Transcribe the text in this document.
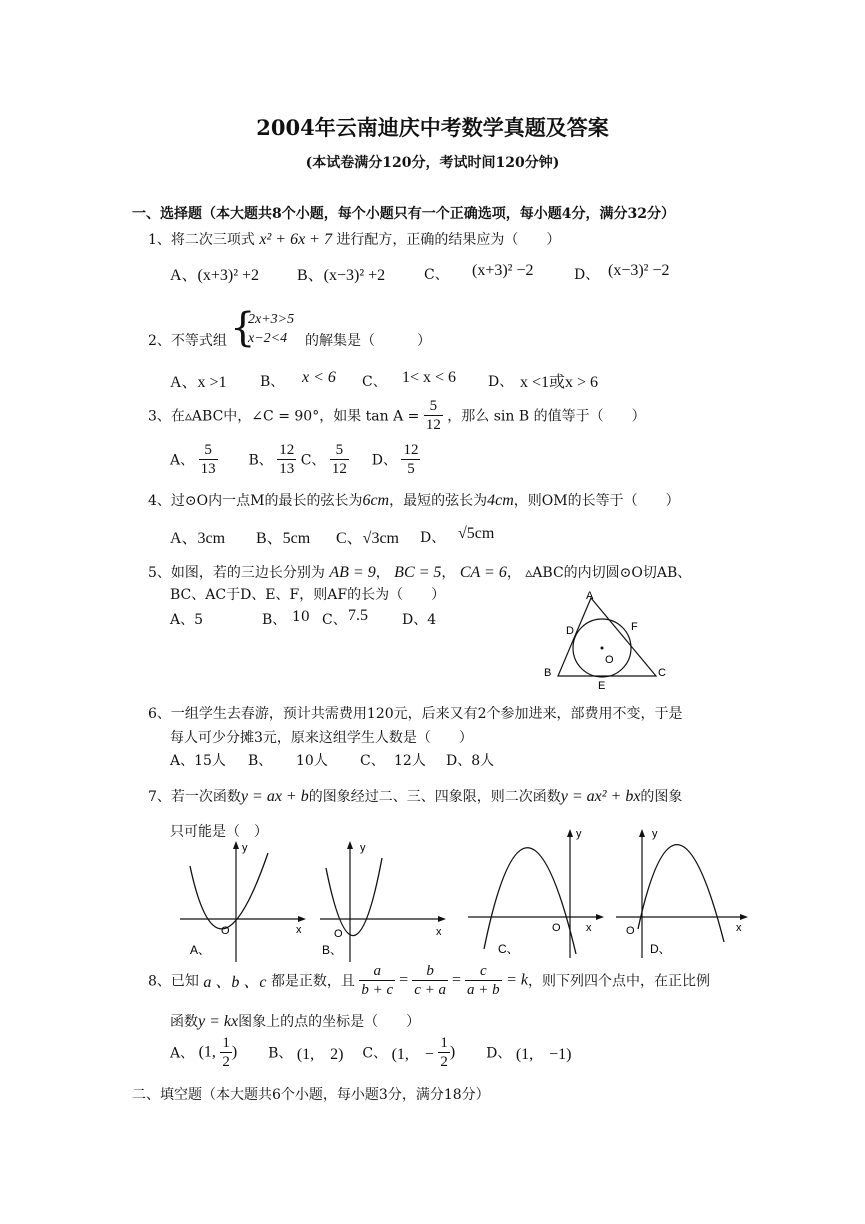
2004年云南迪庆中考数学真题及答案
(本试卷满分120分，考试时间120分钟)
一、选择题（本大题共8个小题，每个小题只有一个正确选项，每小题4分，满分32分）
1、将二次三项式 x² + 6x + 7 进行配方，正确的结果应为（　　）
A、(x+3)² +2 B、(x−3)² +2	C、 (x+3)² −2	D、 (x−3)² −2
2、不等式组 {
2x+3>5
x−2<4 的解集是（　　　）
A、x >1 B、 x < 6 C、 1< x < 6 D、 x <1或x > 6
3、在▵ABC中，∠C = 90°，如果 $\tan A = \frac{5}{12}$ ，那么 sin B 的值等于（　　）
A、 $\frac{5}{13}$ B、 $\frac{12}{13}$ C、 $\frac{5}{12}$ D、 $\frac{12}{5}$
4、过⊙O内一点M的最长的弦长为6cm，最短的弦长为4cm，则OM的长等于（　　）
A、3cm B、5cm C、√3cm D、 √5cm
5、如图，若的三边长分别为 AB = 9， BC = 5， CA = 6， ▵ABC的内切圆⊙O切AB、
BC、AC于D、E、F，则AF的长为（　　）
A、5	B、 10 C、 7.5 D、4
A
B	C
D
E
F
O
6、一组学生去春游，预计共需费用120元，后来又有2个参加进来，部费用不变，于是
每人可少分摊3元，原来这组学生人数是（　　）
A、15人 B、 10人 C、 12人 D、8人
7、若一次函数y = ax + b的图象经过二、三、四象限，则二次函数y = ax² + bx的图象
只可能是（　）
y
x
O
A、
y
x
O
B、
y
x
O
C、
y
x
O
D、
8、已知 a 、b 、c 都是正数，且 $\frac{a}{b + c} = \frac{b}{c + a} = \frac{c}{a + b} = k$，则下列四个点中，在正比例
函数y = kx图象上的点的坐标是（　　）
A、 (1, $\frac{1}{2}$ ) B、 (1,　2) C、 (1,　− $\frac{1}{2}$ ) D、 (1,　−1)
二、填空题（本大题共6个小题，每小题3分，满分18分）
